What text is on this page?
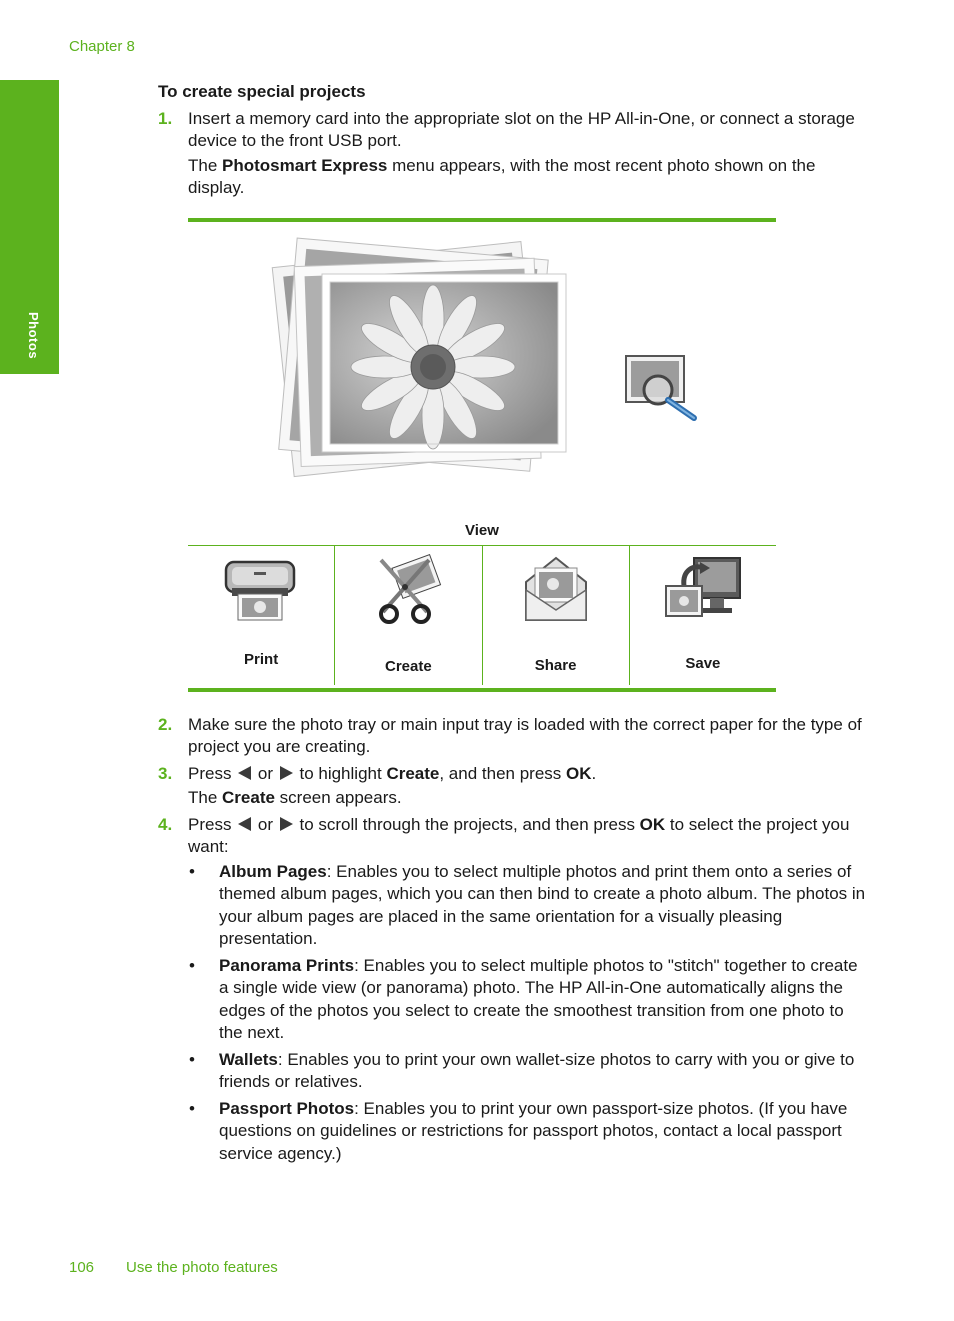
Chapter 8
Photos

To create special projects

1. Insert a memory card into the appropriate slot on the HP All-in-One, or connect a storage device to the front USB port.

The Photosmart Express menu appears, with the most recent photo shown on the display.

View
Print	Create	Share	Save

2. Make sure the photo tray or main input tray is loaded with the correct paper for the type of project you are creating.

3. Press  or  to highlight Create, and then press OK.

The Create screen appears.

4. Press  or  to scroll through the projects, and then press OK to select the project you want:

• Album Pages: Enables you to select multiple photos and print them onto a series of themed album pages, which you can then bind to create a photo album. The photos in your album pages are placed in the same orientation for a visually pleasing presentation.
• Panorama Prints: Enables you to select multiple photos to "stitch" together to create a single wide view (or panorama) photo. The HP All-in-One automatically aligns the edges of the photos you select to create the smoothest transition from one photo to the next.
• Wallets: Enables you to print your own wallet-size photos to carry with you or give to friends or relatives.
• Passport Photos: Enables you to print your own passport-size photos. (If you have questions on guidelines or restrictions for passport photos, contact a local passport service agency.)
106 Use the photo features
